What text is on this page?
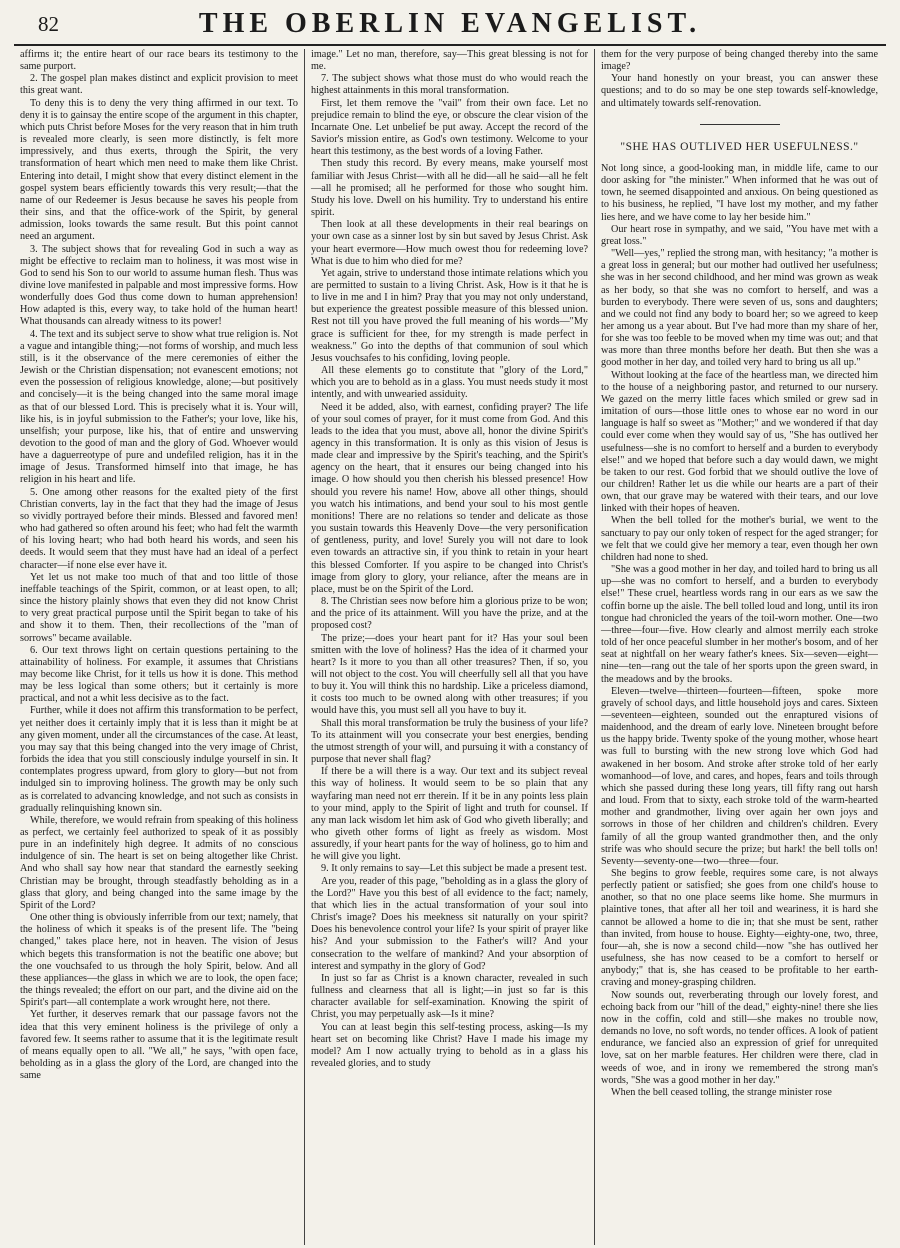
82	THE OBERLIN EVANGELIST.

affirms it; the entire heart of our race bears its testimony to the same purport.

2. The gospel plan makes distinct and explicit provision to meet this great want.

To deny this is to deny the very thing affirmed in our text. To deny it is to gainsay the entire scope of the argument in this chapter, which puts Christ before Moses for the very reason that in him truth is revealed more clearly, is seen more distinctly, is felt more impressively, and thus exerts, through the Spirit, the very transformation of heart which men need to make them like Christ. Entering into detail, I might show that every distinct element in the gospel system bears efficiently towards this very result;—that the name of our Redeemer is Jesus because he saves his people from their sins, and that the office-work of the Spirit, by general admission, looks towards the same result. But this point cannot need an argument.

3. The subject shows that for revealing God in such a way as might be effective to reclaim man to holiness, it was most wise in God to send his Son to our world to assume human flesh. Thus was divine love manifested in palpable and most impressive forms. How wonderfully does God thus come down to human apprehension! How adapted is this, every way, to take hold of the human heart! What thousands can already witness to its power!

4. The text and its subject serve to show what true religion is. Not a vague and intangible thing;—not forms of worship, and much less still, is it the observance of the mere ceremonies of either the Jewish or the Christian dispensation; not evanescent emotions; not even the possession of religious knowledge, alone;—but positively and concisely—it is the being changed into the same moral image as that of our blessed Lord. This is precisely what it is. Your will, like his, is in joyful submission to the Father's; your love, like his, unselfish; your purpose, like his, that of entire and unswerving devotion to the good of man and the glory of God. Whoever would have a daguerreotype of pure and undefiled religion, has it in the image of Jesus. Transformed himself into that image, he has religion in his heart and life.

5. One among other reasons for the exalted piety of the first Christian converts, lay in the fact that they had the image of Jesus so vividly portrayed before their minds. Blessed and favored men! who had gathered so often around his feet; who had felt the warmth of his loving heart; who had both heard his words, and seen his deeds. It would seem that they must have had an ideal of a perfect character—if none else ever have it.

Yet let us not make too much of that and too little of those ineffable teachings of the Spirit, common, or at least open, to all; since the history plainly shows that even they did not know Christ to very great practical purpose until the Spirit began to take of his and show it to them. Then, their recollections of the "man of sorrows" became available.

6. Our text throws light on certain questions pertaining to the attainability of holiness. For example, it assumes that Christians may become like Christ, for it tells us how it is done. This method may be less logical than some others; but it certainly is more practical, and not a whit less decisive as to the fact.

Further, while it does not affirm this transformation to be perfect, yet neither does it certainly imply that it is less than it might be at any given moment, under all the circumstances of the case. At least, you may say that this being changed into the very image of Christ, forbids the idea that you still consciously indulge yourself in sin. It contemplates progress upward, from glory to glory—but not from indulged sin to improving holiness. The growth may be only such as is correlated to advancing knowledge, and not such as consists in gradually relinquishing known sin.

While, therefore, we would refrain from speaking of this holiness as perfect, we certainly feel authorized to speak of it as possibly pure in an indefinitely high degree. It admits of no conscious indulgence of sin. The heart is set on being altogether like Christ. And who shall say how near that standard the earnestly seeking Christian may be brought, through steadfastly beholding as in a glass that glory, and being changed into the same image by the Spirit of the Lord?

One other thing is obviously inferrible from our text; namely, that the holiness of which it speaks is of the present life. The "being changed," takes place here, not in heaven. The vision of Jesus which begets this transformation is not the beatific one above; but the one vouchsafed to us through the holy Spirit, below. And all these appliances—the glass in which we are to look, the open face; the things revealed; the effort on our part, and the divine aid on the Spirit's part—all contemplate a work wrought here, not there.

Yet further, it deserves remark that our passage favors not the idea that this very eminent holiness is the privilege of only a favored few. It seems rather to assume that it is the legitimate result of means equally open to all. "We all," he says, "with open face, beholding as in a glass the glory of the Lord, are changed into the same

image." Let no man, therefore, say—This great blessing is not for me.

7. The subject shows what those must do who would reach the highest attainments in this moral transformation.

First, let them remove the "vail" from their own face. Let no prejudice remain to blind the eye, or obscure the clear vision of the Incarnate One. Let unbelief be put away. Accept the record of the Savior's mission entire, as God's own testimony. Welcome to your heart this testimony, as the best words of a loving Father.

Then study this record. By every means, make yourself most familiar with Jesus Christ—with all he did—all he said—all he felt—all he promised; all he performed for those who sought him. Study his love. Dwell on his humility. Try to understand his entire spirit.

Then look at all these developments in their real bearings on your own case as a sinner lost by sin but saved by Jesus Christ. Ask your heart evermore—How much owest thou for redeeming love? What is due to him who died for me?

Yet again, strive to understand those intimate relations which you are permitted to sustain to a living Christ. Ask, How is it that he is to live in me and I in him? Pray that you may not only understand, but experience the greatest possible measure of this blessed union. Rest not till you have proved the full meaning of his words—"My grace is sufficient for thee, for my strength is made perfect in weakness." Go into the depths of that communion of soul which Jesus vouchsafes to his confiding, loving people.

All these elements go to constitute that "glory of the Lord," which you are to behold as in a glass. You must needs study it most intently, and with unwearied assiduity.

Need it be added, also, with earnest, confiding prayer? The life of your soul comes of prayer, for it must come from God. And this leads to the idea that you must, above all, honor the divine Spirit's agency in this transformation. It is only as this vision of Jesus is made clear and impressive by the Spirit's teaching, and the Spirit's agency on the heart, that it ensures our being changed into his image. O how should you then cherish his blessed presence! How should you revere his name! How, above all other things, should you watch his intimations, and bend your soul to his most gentle monitions! There are no relations so tender and delicate as those you sustain towards this Heavenly Dove—the very personification of gentleness, purity, and love! Surely you will not dare to look even towards an attractive sin, if you think to retain in your heart this blessed Comforter. If you aspire to be changed into Christ's image from glory to glory, your reliance, after the means are in place, must be on the Spirit of the Lord.

8. The Christian sees now before him a glorious prize to be won; and the price of its attainment. Will you have the prize, and at the proposed cost?

The prize;—does your heart pant for it? Has your soul been smitten with the love of holiness? Has the idea of it charmed your heart? Is it more to you than all other treasures? Then, if so, you will not object to the cost. You will cheerfully sell all that you have to buy it. You will think this no hardship. Like a priceless diamond, it costs too much to be owned along with other treasures; if you would have this, you must sell all you have to buy it.

Shall this moral transformation be truly the business of your life? To its attainment will you consecrate your best energies, bending the utmost strength of your will, and pursuing it with a constancy of purpose that never shall flag?

If there be a will there is a way. Our text and its subject reveal this way of holiness. It would seem to be so plain that any wayfaring man need not err therein. If it be in any points less plain to your mind, apply to the Spirit of light and truth for counsel. If any man lack wisdom let him ask of God who giveth liberally; and who giveth other forms of light as freely as wisdom. Most assuredly, if your heart pants for the way of holiness, go to him and he will give you light.

9. It only remains to say—Let this subject be made a present test.

Are you, reader of this page, "beholding as in a glass the glory of the Lord?" Have you this best of all evidence to the fact; namely, that which lies in the actual transformation of your soul into Christ's image? Does his meekness sit naturally on your spirit? Does his benevolence control your life? Is your spirit of prayer like his? And your submission to the Father's will? And your consecration to the welfare of mankind? And your absorption of interest and sympathy in the glory of God?

In just so far as Christ is a known character, revealed in such fullness and clearness that all is light;—in just so far is this character available for self-examination. Knowing the spirit of Christ, you may perpetually ask—Is it mine?

You can at least begin this self-testing process, asking—Is my heart set on becoming like Christ? Have I made his image my model? Am I now actually trying to behold as in a glass his revealed glories, and to study

them for the very purpose of being changed thereby into the same image?

Your hand honestly on your breast, you can answer these questions; and to do so may be one step towards self-knowledge, and ultimately towards self-renovation.

"SHE HAS OUTLIVED HER USEFULNESS."

Not long since, a good-looking man, in middle life, came to our door asking for "the minister." When informed that he was out of town, he seemed disappointed and anxious. On being questioned as to his business, he replied, "I have lost my mother, and my father lies here, and we have come to lay her beside him."

Our heart rose in sympathy, and we said, "You have met with a great loss."

"Well—yes," replied the strong man, with hesitancy; "a mother is a great loss in general; but our mother had outlived her usefulness; she was in her second childhood, and her mind was grown as weak as her body, so that she was no comfort to herself, and was a burden to everybody. There were seven of us, sons and daughters; and we could not find any body to board her; so we agreed to keep her among us a year about. But I've had more than my share of her, for she was too feeble to be moved when my time was out; and that was more than three months before her death. But then she was a good mother in her day, and toiled very hard to bring us all up."

Without looking at the face of the heartless man, we directed him to the house of a neighboring pastor, and returned to our nursery. We gazed on the merry little faces which smiled or grew sad in imitation of ours—those little ones to whose ear no word in our language is half so sweet as "Mother;" and we wondered if that day could ever come when they would say of us, "She has outlived her usefulness—she is no comfort to herself and a burden to everybody else!" and we hoped that before such a day would dawn, we might be taken to our rest. God forbid that we should outlive the love of our children! Rather let us die while our hearts are a part of their own, that our grave may be watered with their tears, and our love linked with their hopes of heaven.

When the bell tolled for the mother's burial, we went to the sanctuary to pay our only token of respect for the aged stranger; for we felt that we could give her memory a tear, even though her own children had none to shed.

"She was a good mother in her day, and toiled hard to bring us all up—she was no comfort to herself, and a burden to everybody else!" These cruel, heartless words rang in our ears as we saw the coffin borne up the aisle. The bell tolled loud and long, until its iron tongue had chronicled the years of the toil-worn mother. One—two—three—four—five. How clearly and almost merrily each stroke told of her once peaceful slumber in her mother's bosom, and of her seat at nightfall on her weary father's knees. Six—seven—eight—nine—ten—rang out the tale of her sports upon the green sward, in the meadows and by the brooks.

Eleven—twelve—thirteen—fourteen—fifteen, spoke more gravely of school days, and little household joys and cares. Sixteen—seventeen—eighteen, sounded out the enraptured visions of maidenhood, and the dream of early love. Nineteen brought before us the happy bride. Twenty spoke of the young mother, whose heart was full to bursting with the new strong love which God had awakened in her bosom. And stroke after stroke told of her early womanhood—of love, and cares, and hopes, fears and toils through which she passed during these long years, till fifty rang out harsh and loud. From that to sixty, each stroke told of the warm-hearted mother and grandmother, living over again her own joys and sorrows in those of her children and children's children. Every family of all the group wanted grandmother then, and the only strife was who should secure the prize; but hark! the bell tolls on! Seventy—seventy-one—two—three—four.

She begins to grow feeble, requires some care, is not always perfectly patient or satisfied; she goes from one child's house to another, so that no one place seems like home. She murmurs in plaintive tones, that after all her toil and weariness, it is hard she cannot be allowed a home to die in; that she must be sent, rather than invited, from house to house. Eighty—eighty-one, two, three, four—ah, she is now a second child—now "she has outlived her usefulness, she has now ceased to be a comfort to herself or anybody;" that is, she has ceased to be profitable to her earth-craving and money-grasping children.

Now sounds out, reverberating through our lovely forest, and echoing back from our "hill of the dead," eighty-nine! there she lies now in the coffin, cold and still—she makes no trouble now, demands no love, no soft words, no tender offices. A look of patient endurance, we fancied also an expression of grief for unrequited love, sat on her marble features. Her children were there, clad in weeds of woe, and in irony we remembered the strong man's words, "She was a good mother in her day."

When the bell ceased tolling, the strange minister rose
